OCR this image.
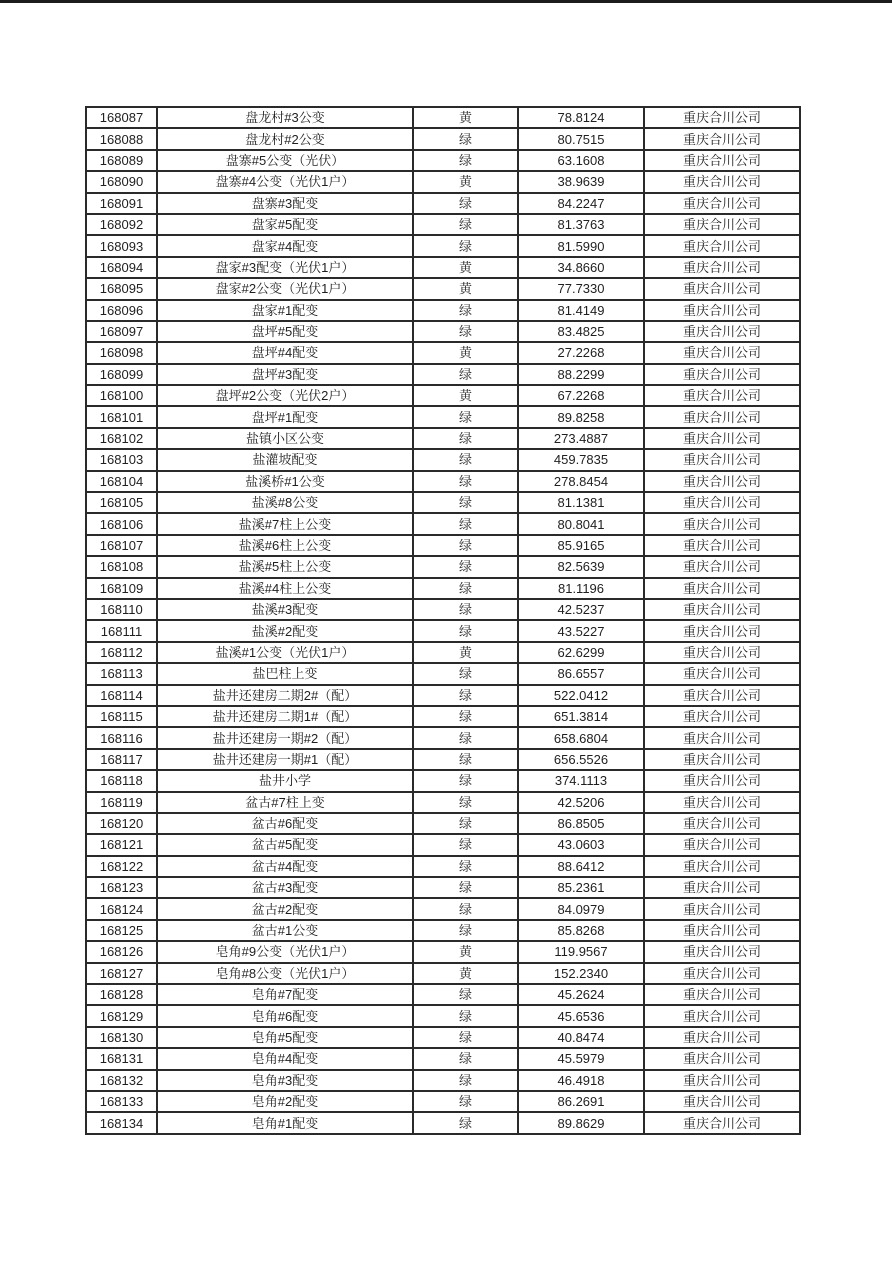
168087	盘龙村#3公变	黄	78.8124	重庆合川公司
168088	盘龙村#2公变	绿	80.7515	重庆合川公司
168089	盘寨#5公变（光伏）	绿	63.1608	重庆合川公司
168090	盘寨#4公变（光伏1户）	黄	38.9639	重庆合川公司
168091	盘寨#3配变	绿	84.2247	重庆合川公司
168092	盘家#5配变	绿	81.3763	重庆合川公司
168093	盘家#4配变	绿	81.5990	重庆合川公司
168094	盘家#3配变（光伏1户）	黄	34.8660	重庆合川公司
168095	盘家#2公变（光伏1户）	黄	77.7330	重庆合川公司
168096	盘家#1配变	绿	81.4149	重庆合川公司
168097	盘坪#5配变	绿	83.4825	重庆合川公司
168098	盘坪#4配变	黄	27.2268	重庆合川公司
168099	盘坪#3配变	绿	88.2299	重庆合川公司
168100	盘坪#2公变（光伏2户）	黄	67.2268	重庆合川公司
168101	盘坪#1配变	绿	89.8258	重庆合川公司
168102	盐镇小区公变	绿	273.4887	重庆合川公司
168103	盐灌坡配变	绿	459.7835	重庆合川公司
168104	盐溪桥#1公变	绿	278.8454	重庆合川公司
168105	盐溪#8公变	绿	81.1381	重庆合川公司
168106	盐溪#7柱上公变	绿	80.8041	重庆合川公司
168107	盐溪#6柱上公变	绿	85.9165	重庆合川公司
168108	盐溪#5柱上公变	绿	82.5639	重庆合川公司
168109	盐溪#4柱上公变	绿	81.1196	重庆合川公司
168110	盐溪#3配变	绿	42.5237	重庆合川公司
168111	盐溪#2配变	绿	43.5227	重庆合川公司
168112	盐溪#1公变（光伏1户）	黄	62.6299	重庆合川公司
168113	盐巴柱上变	绿	86.6557	重庆合川公司
168114	盐井还建房二期2#（配）	绿	522.0412	重庆合川公司
168115	盐井还建房二期1#（配）	绿	651.3814	重庆合川公司
168116	盐井还建房一期#2（配）	绿	658.6804	重庆合川公司
168117	盐井还建房一期#1（配）	绿	656.5526	重庆合川公司
168118	盐井小学	绿	374.1113	重庆合川公司
168119	盆古#7柱上变	绿	42.5206	重庆合川公司
168120	盆古#6配变	绿	86.8505	重庆合川公司
168121	盆古#5配变	绿	43.0603	重庆合川公司
168122	盆古#4配变	绿	88.6412	重庆合川公司
168123	盆古#3配变	绿	85.2361	重庆合川公司
168124	盆古#2配变	绿	84.0979	重庆合川公司
168125	盆古#1公变	绿	85.8268	重庆合川公司
168126	皂角#9公变（光伏1户）	黄	119.9567	重庆合川公司
168127	皂角#8公变（光伏1户）	黄	152.2340	重庆合川公司
168128	皂角#7配变	绿	45.2624	重庆合川公司
168129	皂角#6配变	绿	45.6536	重庆合川公司
168130	皂角#5配变	绿	40.8474	重庆合川公司
168131	皂角#4配变	绿	45.5979	重庆合川公司
168132	皂角#3配变	绿	46.4918	重庆合川公司
168133	皂角#2配变	绿	86.2691	重庆合川公司
168134	皂角#1配变	绿	89.8629	重庆合川公司
